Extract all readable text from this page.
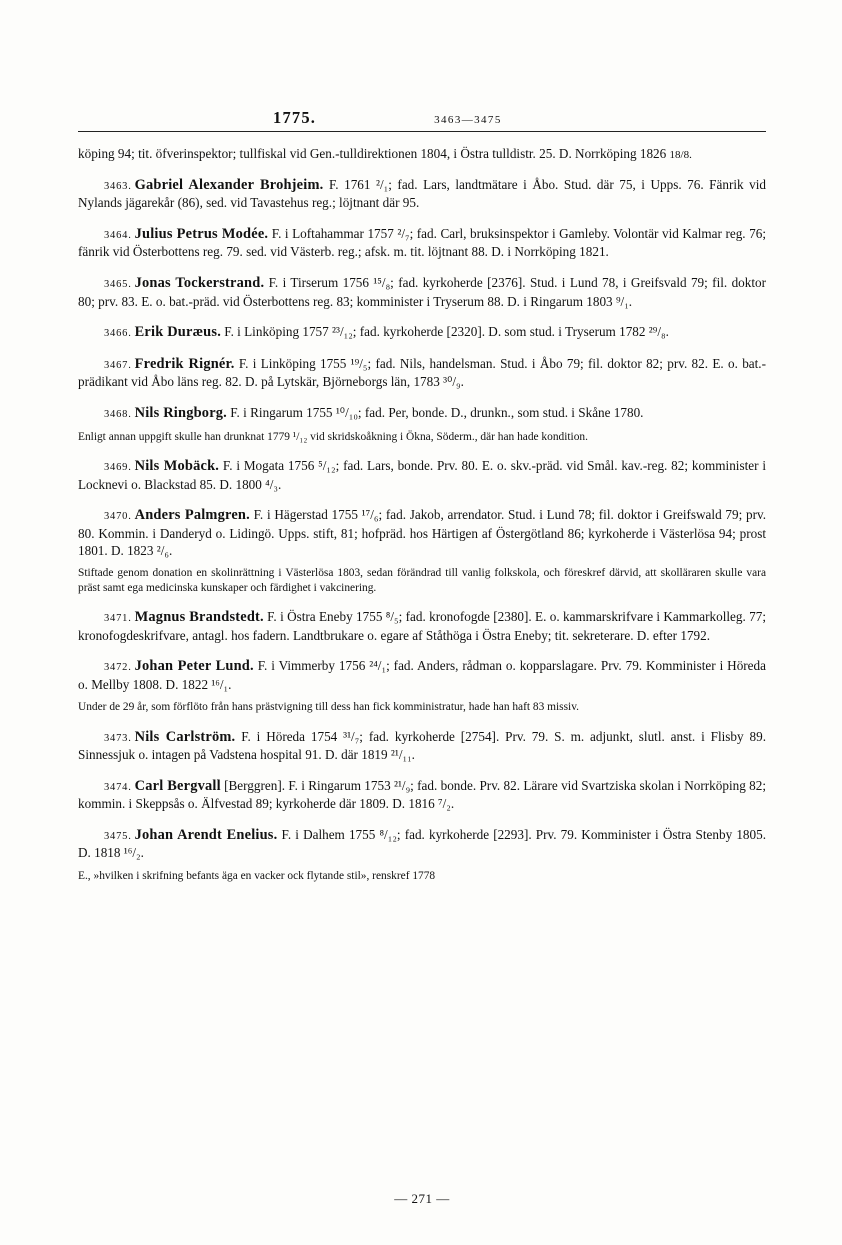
1775.	3463—3475

köping 94; tit. öfverinspektor; tullfiskal vid Gen.-tulldirektionen 1804, i Östra tulldistr. 25. D. Norrköping 1826 18/8.

3463. Gabriel Alexander Brohjeim. F. 1761 ²/₁; fad. Lars, landtmätare i Åbo. Stud. där 75, i Upps. 76. Fänrik vid Nylands jägarekår (86), sed. vid Tavastehus reg.; löjtnant där 95.

3464. Julius Petrus Modée. F. i Loftahammar 1757 ²/₇; fad. Carl, bruksinspektor i Gamleby. Volontär vid Kalmar reg. 76; fänrik vid Österbottens reg. 79. sed. vid Västerb. reg.; afsk. m. tit. löjtnant 88. D. i Norrköping 1821.

3465. Jonas Tockerstrand. F. i Tirserum 1756 ¹⁵/₈; fad. kyrkoherde [2376]. Stud. i Lund 78, i Greifsvald 79; fil. doktor 80; prv. 83. E. o. bat.-präd. vid Österbottens reg. 83; komminister i Tryserum 88. D. i Ringarum 1803 ⁹/₁.

3466. Erik Duræus. F. i Linköping 1757 ²³/₁₂; fad. kyrkoherde [2320]. D. som stud. i Tryserum 1782 ²⁹/₈.

3467. Fredrik Rignér. F. i Linköping 1755 ¹⁹/₅; fad. Nils, handelsman. Stud. i Åbo 79; fil. doktor 82; prv. 82. E. o. bat.-prädikant vid Åbo läns reg. 82. D. på Lytskär, Björneborgs län, 1783 ³⁰/₉.

3468. Nils Ringborg. F. i Ringarum 1755 ¹⁰/₁₀; fad. Per, bonde. D., drunkn., som stud. i Skåne 1780.

Enligt annan uppgift skulle han drunknat 1779 ¹/₁₂ vid skridskoåkning i Ökna, Söderm., där han hade kondition.

3469. Nils Mobäck. F. i Mogata 1756 ⁵/₁₂; fad. Lars, bonde. Prv. 80. E. o. skv.-präd. vid Smål. kav.-reg. 82; komminister i Locknevi o. Blackstad 85. D. 1800 ⁴/₃.

3470. Anders Palmgren. F. i Hägerstad 1755 ¹⁷/₆; fad. Jakob, arrendator. Stud. i Lund 78; fil. doktor i Greifswald 79; prv. 80. Kommin. i Danderyd o. Lidingö. Upps. stift, 81; hofpräd. hos Härtigen af Östergötland 86; kyrkoherde i Västerlösa 94; prost 1801. D. 1823 ²/₆.

Stiftade genom donation en skolinrättning i Västerlösa 1803, sedan förändrad till vanlig folkskola, och föreskref därvid, att skolläraren skulle vara präst samt ega medicinska kunskaper och färdighet i vakcinering.

3471. Magnus Brandstedt. F. i Östra Eneby 1755 ⁸/₅; fad. kronofogde [2380]. E. o. kammarskrifvare i Kammarkolleg. 77; kronofogdeskrifvare, antagl. hos fadern. Landtbrukare o. egare af Ståthöga i Östra Eneby; tit. sekreterare. D. efter 1792.

3472. Johan Peter Lund. F. i Vimmerby 1756 ²⁴/₁; fad. Anders, rådman o. kopparslagare. Prv. 79. Komminister i Höreda o. Mellby 1808. D. 1822 ¹⁶/₁.

Under de 29 år, som förflöto från hans prästvigning till dess han fick komministratur, hade han haft 83 missiv.

3473. Nils Carlström. F. i Höreda 1754 ³¹/₇; fad. kyrkoherde [2754]. Prv. 79. S. m. adjunkt, slutl. anst. i Flisby 89. Sinnessjuk o. intagen på Vadstena hospital 91. D. där 1819 ²¹/₁₁.

3474. Carl Bergvall [Berggren]. F. i Ringarum 1753 ²¹/₉; fad. bonde. Prv. 82. Lärare vid Svartziska skolan i Norrköping 82; kommin. i Skeppsås o. Älfvestad 89; kyrkoherde där 1809. D. 1816 ⁷/₂.

3475. Johan Arendt Enelius. F. i Dalhem 1755 ⁸/₁₂; fad. kyrkoherde [2293]. Prv. 79. Komminister i Östra Stenby 1805. D. 1818 ¹⁶/₂.

E., »hvilken i skrifning befants äga en vacker ock flytande stil», renskref 1778

— 271 —
